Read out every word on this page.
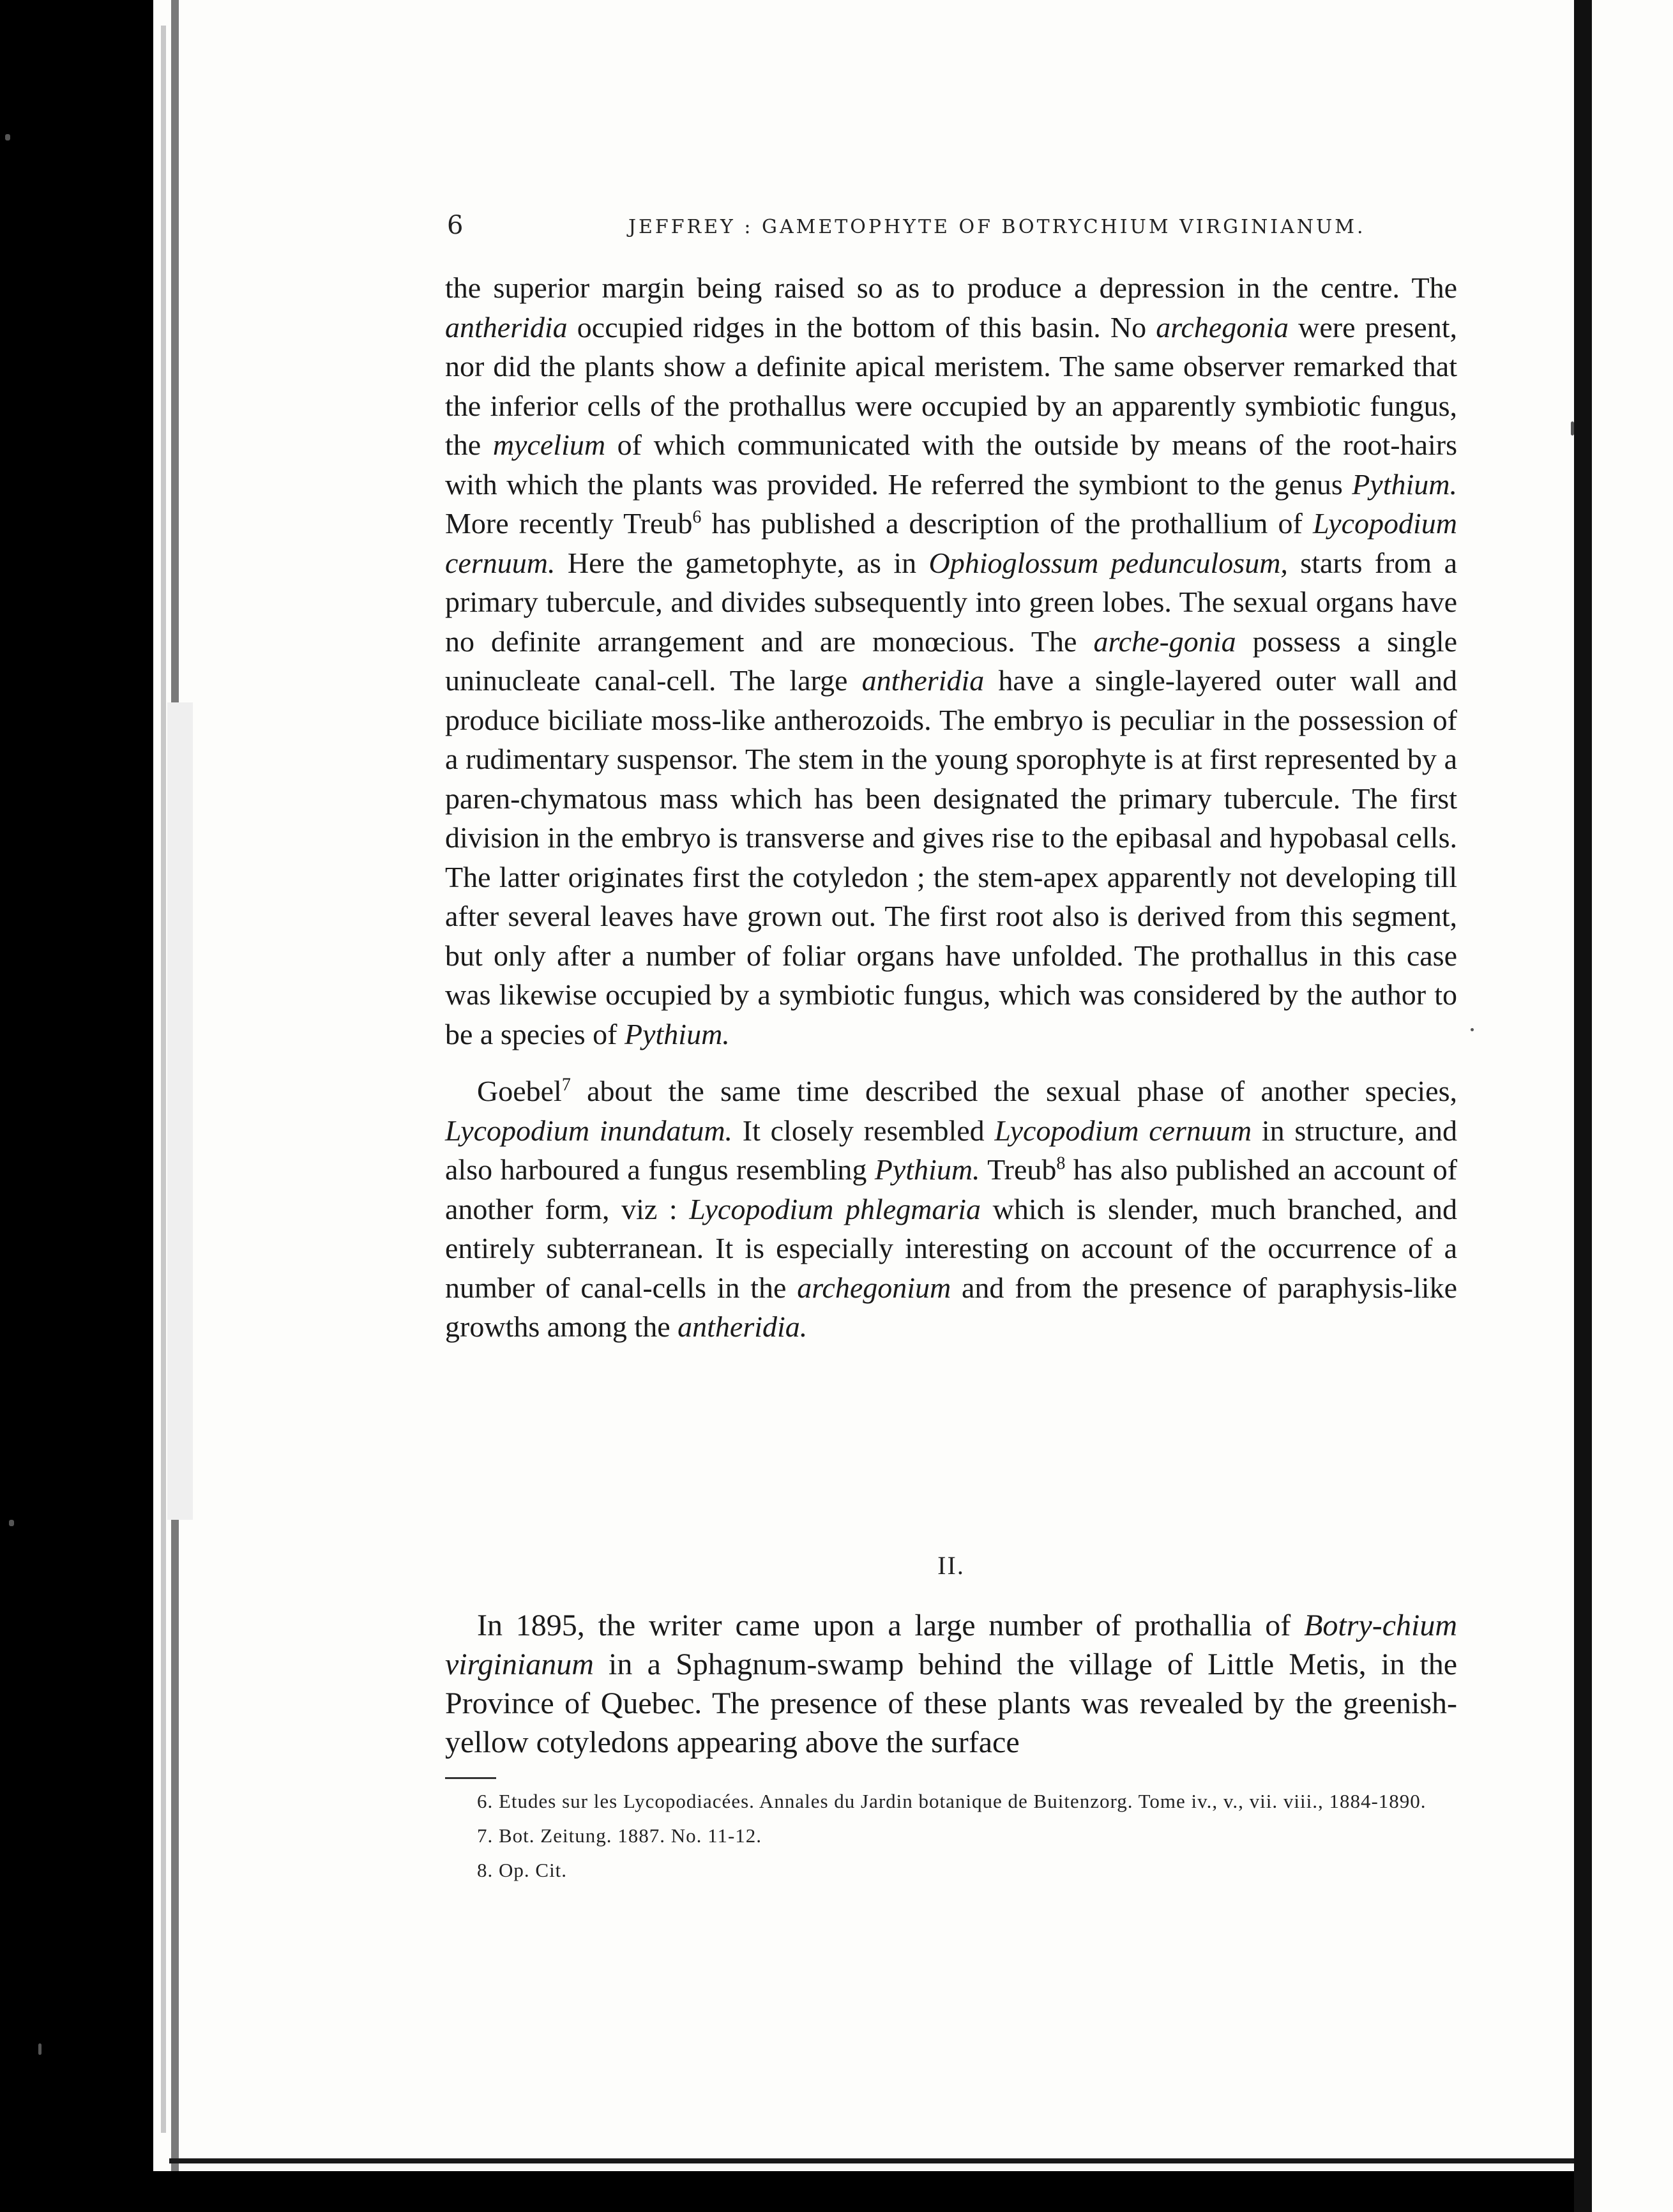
6	JEFFREY : GAMETOPHYTE OF BOTRYCHIUM VIRGINIANUM.

the superior margin being raised so as to produce a depression in the centre. The antheridia occupied ridges in the bottom of this basin. No archegonia were present, nor did the plants show a definite apical meristem. The same observer remarked that the inferior cells of the prothallus were occupied by an apparently symbiotic fungus, the mycelium of which communicated with the outside by means of the root-hairs with which the plants was provided. He referred the symbiont to the genus Pythium. More recently Treub$^6$ has published a description of the prothallium of Lycopodium cernuum. Here the gametophyte, as in Ophioglossum pedunculosum, starts from a primary tubercule, and divides subsequently into green lobes. The sexual organs have no definite arrangement and are monœcious. The arche-gonia possess a single uninucleate canal-cell. The large antheridia have a single-layered outer wall and produce biciliate moss-like antherozoids. The embryo is peculiar in the possession of a rudimentary suspensor. The stem in the young sporophyte is at first represented by a paren-chymatous mass which has been designated the primary tubercule. The first division in the embryo is transverse and gives rise to the epibasal and hypobasal cells. The latter originates first the cotyledon ; the stem-apex apparently not developing till after several leaves have grown out. The first root also is derived from this segment, but only after a number of foliar organs have unfolded. The prothallus in this case was likewise occupied by a symbiotic fungus, which was considered by the author to be a species of Pythium.

Goebel$^7$ about the same time described the sexual phase of another species, Lycopodium inundatum. It closely resembled Lycopodium cernuum in structure, and also harboured a fungus resembling Pythium. Treub$^8$ has also published an account of another form, viz : Lycopodium phlegmaria which is slender, much branched, and entirely subterranean. It is especially interesting on account of the occurrence of a number of canal-cells in the archegonium and from the presence of paraphysis-like growths among the antheridia.

II.

In 1895, the writer came upon a large number of prothallia of Botry-chium virginianum in a Sphagnum-swamp behind the village of Little Metis, in the Province of Quebec. The presence of these plants was revealed by the greenish-yellow cotyledons appearing above the surface

6. Etudes sur les Lycopodiacées. Annales du Jardin botanique de Buitenzorg. Tome iv., v., vii. viii., 1884-1890.

7. Bot. Zeitung. 1887. No. 11-12.

8. Op. Cit.
